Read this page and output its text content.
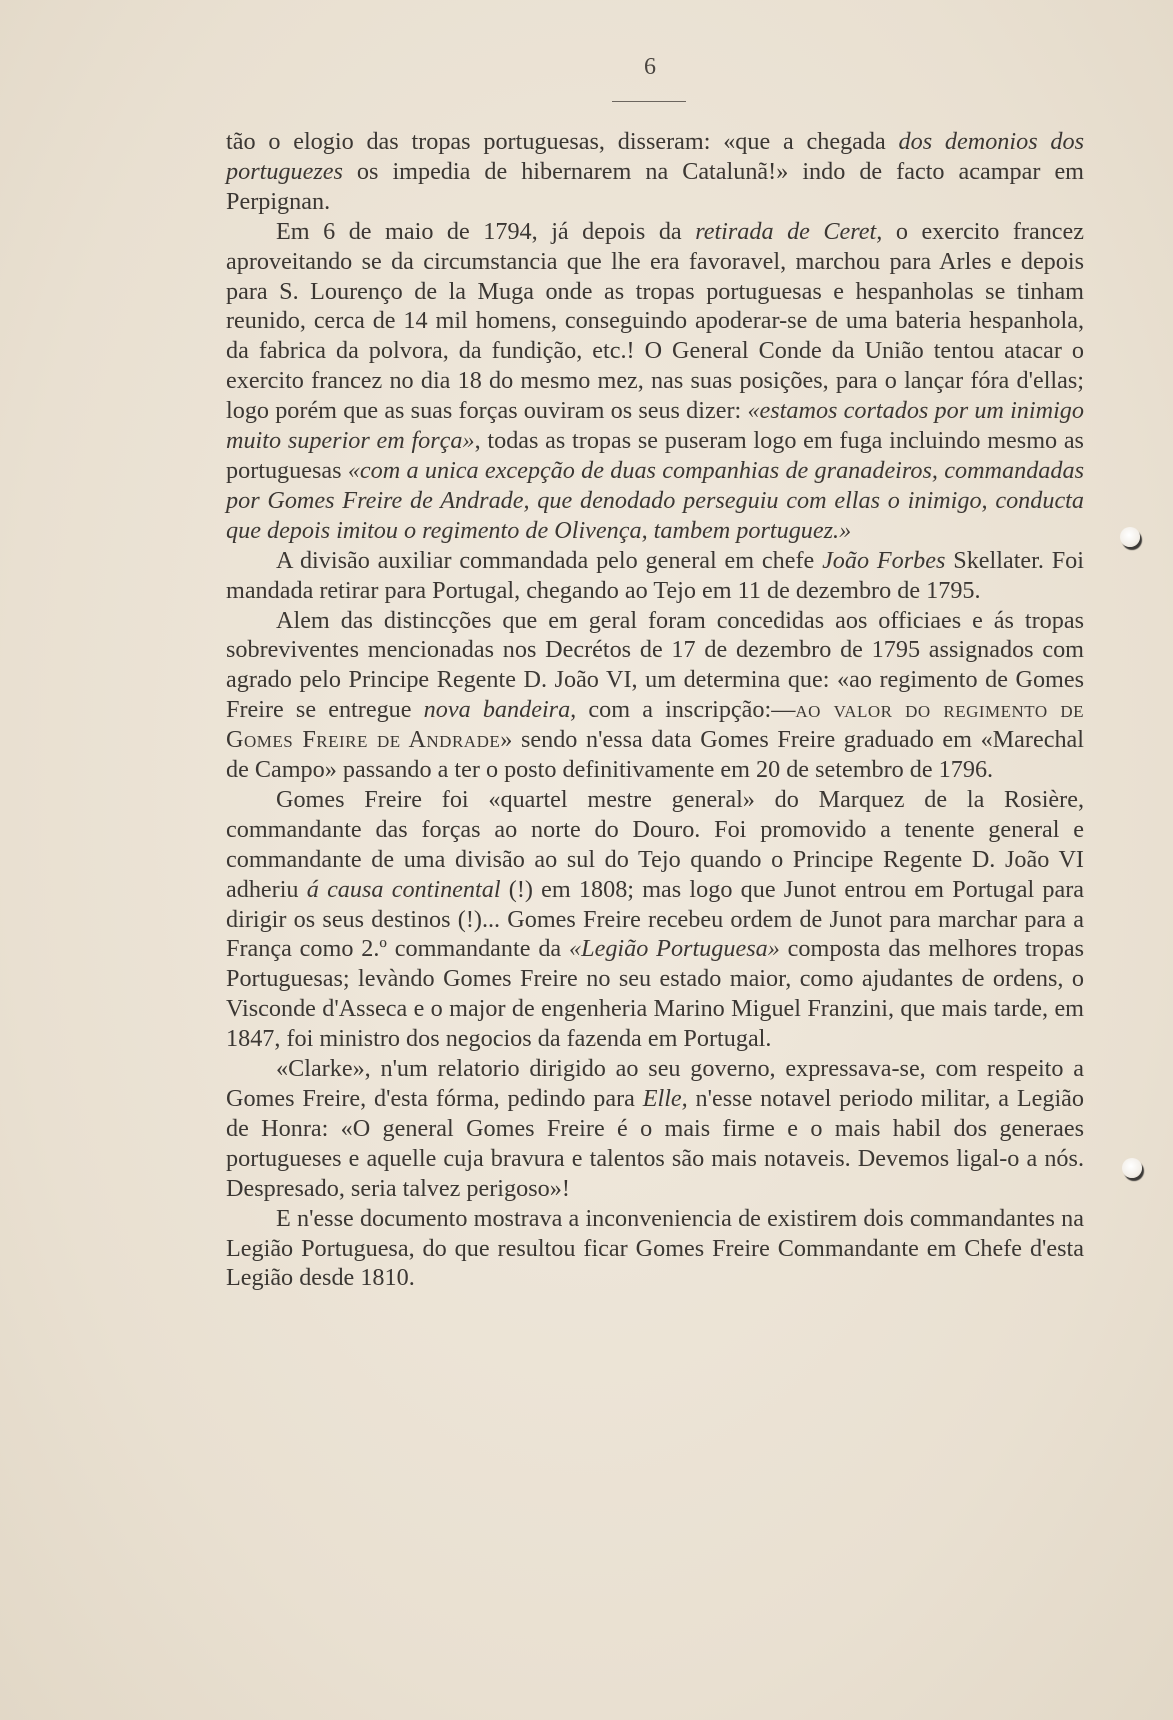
6

tão o elogio das tropas portuguesas, disseram: «que a chegada dos demonios dos portuguezes os impedia de hibernarem na Catalunã!» indo de facto acampar em Perpignan.

Em 6 de maio de 1794, já depois da retirada de Ceret, o exercito francez aproveitando se da circumstancia que lhe era favoravel, marchou para Arles e depois para S. Lourenço de la Muga onde as tropas portuguesas e hespanholas se tinham reunido, cerca de 14 mil homens, conseguindo apoderar-se de uma bateria hespanhola, da fabrica da polvora, da fundição, etc.! O General Conde da União tentou atacar o exercito francez no dia 18 do mesmo mez, nas suas posições, para o lançar fóra d'ellas; logo porém que as suas forças ouviram os seus dizer: «estamos cortados por um inimigo muito superior em força», todas as tropas se puseram logo em fuga incluindo mesmo as portuguesas «com a unica excepção de duas companhias de granadeiros, commandadas por Gomes Freire de Andrade, que denodado perseguiu com ellas o inimigo, conducta que depois imitou o regimento de Olivença, tambem portuguez.»

A divisão auxiliar commandada pelo general em chefe João Forbes Skellater. Foi mandada retirar para Portugal, chegando ao Tejo em 11 de dezembro de 1795.

Alem das distincções que em geral foram concedidas aos officiaes e ás tropas sobreviventes mencionadas nos Decrétos de 17 de dezembro de 1795 assignados com agrado pelo Principe Regente D. João VI, um determina que: «ao regimento de Gomes Freire se entregue nova bandeira, com a inscripção:—ao valor do regimento de Gomes Freire de Andrade» sendo n'essa data Gomes Freire graduado em «Marechal de Campo» passando a ter o posto definitivamente em 20 de setembro de 1796.

Gomes Freire foi «quartel mestre general» do Marquez de la Rosière, commandante das forças ao norte do Douro. Foi promovido a tenente general e commandante de uma divisão ao sul do Tejo quando o Principe Regente D. João VI adheriu á causa continental (!) em 1808; mas logo que Junot entrou em Portugal para dirigir os seus destinos (!)... Gomes Freire recebeu ordem de Junot para marchar para a França como 2.º commandante da «Legião Portuguesa» composta das melhores tropas Portuguesas; levàndo Gomes Freire no seu estado maior, como ajudantes de ordens, o Visconde d'Asseca e o major de engenheria Marino Miguel Franzini, que mais tarde, em 1847, foi ministro dos negocios da fazenda em Portugal.

«Clarke», n'um relatorio dirigido ao seu governo, expressava-se, com respeito a Gomes Freire, d'esta fórma, pedindo para Elle, n'esse notavel periodo militar, a Legião de Honra: «O general Gomes Freire é o mais firme e o mais habil dos generaes portugueses e aquelle cuja bravura e talentos são mais notaveis. Devemos ligal-o a nós. Despresado, seria talvez perigoso»!

E n'esse documento mostrava a inconveniencia de existirem dois commandantes na Legião Portuguesa, do que resultou ficar Gomes Freire Commandante em Chefe d'esta Legião desde 1810.
